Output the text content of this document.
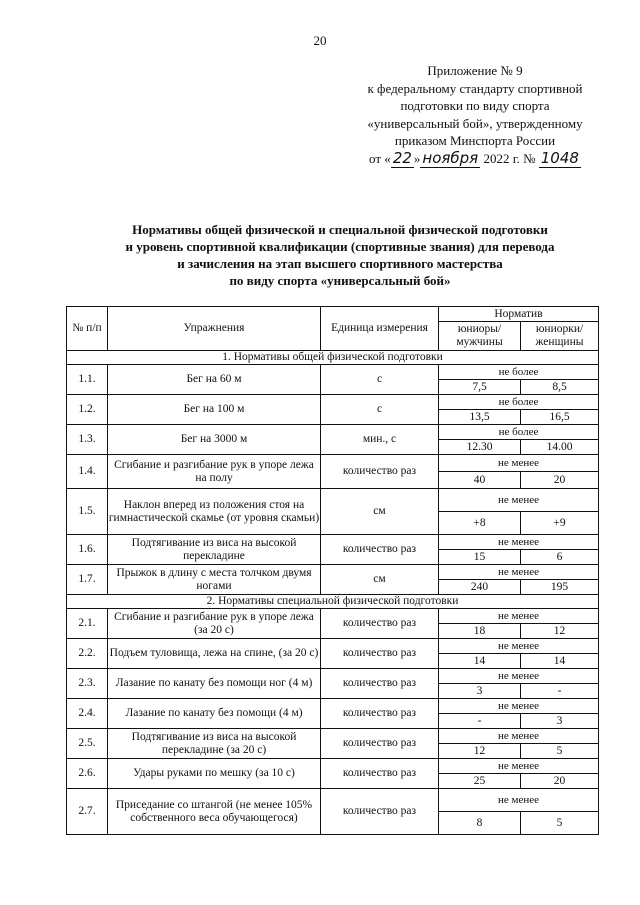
20
Приложение № 9
к федеральному стандарту спортивной
подготовки по виду спорта
«универсальный бой», утвержденному
приказом Минспорта России
от « 22 » ноября 2022 г. № 1048
Нормативы общей физической и специальной физической подготовки
и уровень спортивной квалификации (спортивные звания) для перевода
и зачисления на этап высшего спортивного мастерства
по виду спорта «универсальный бой»
№ п/п	Упражнения	Единица измерения	Норматив	
			юниоры/ мужчины	юниорки/ женщины
1. Нормативы общей физической подготовки				
1.1.	Бег на 60 м	с	не более	
			7,5	8,5
1.2.	Бег на 100 м	с	не более	
			13,5	16,5
1.3.	Бег на 3000 м	мин., с	не более	
			12.30	14.00
1.4.	Сгибание и разгибание рук в упоре лежа на полу	количество раз	не менее	
			40	20
1.5.	Наклон вперед из положения стоя на гимнастической скамье (от уровня скамьи)	см	не менее	
			+8	+9
1.6.	Подтягивание из виса на высокой перекладине	количество раз	не менее	
			15	6
1.7.	Прыжок в длину с места толчком двумя ногами	см	не менее	
			240	195
2. Нормативы специальной физической подготовки				
2.1.	Сгибание и разгибание рук в упоре лежа (за 20 с)	количество раз	не менее	
			18	12
2.2.	Подъем туловища, лежа на спине, (за 20 с)	количество раз	не менее	
			14	14
2.3.	Лазание по канату без помощи ног (4 м)	количество раз	не менее	
			3	-
2.4.	Лазание по канату без помощи (4 м)	количество раз	не менее	
			-	3
2.5.	Подтягивание из виса на высокой перекладине (за 20 с)	количество раз	не менее	
			12	5
2.6.	Удары руками по мешку (за 10 с)	количество раз	не менее	
			25	20
2.7.	Приседание со штангой (не менее 105% собственного веса обучающегося)	количество раз	не менее	
			8	5
